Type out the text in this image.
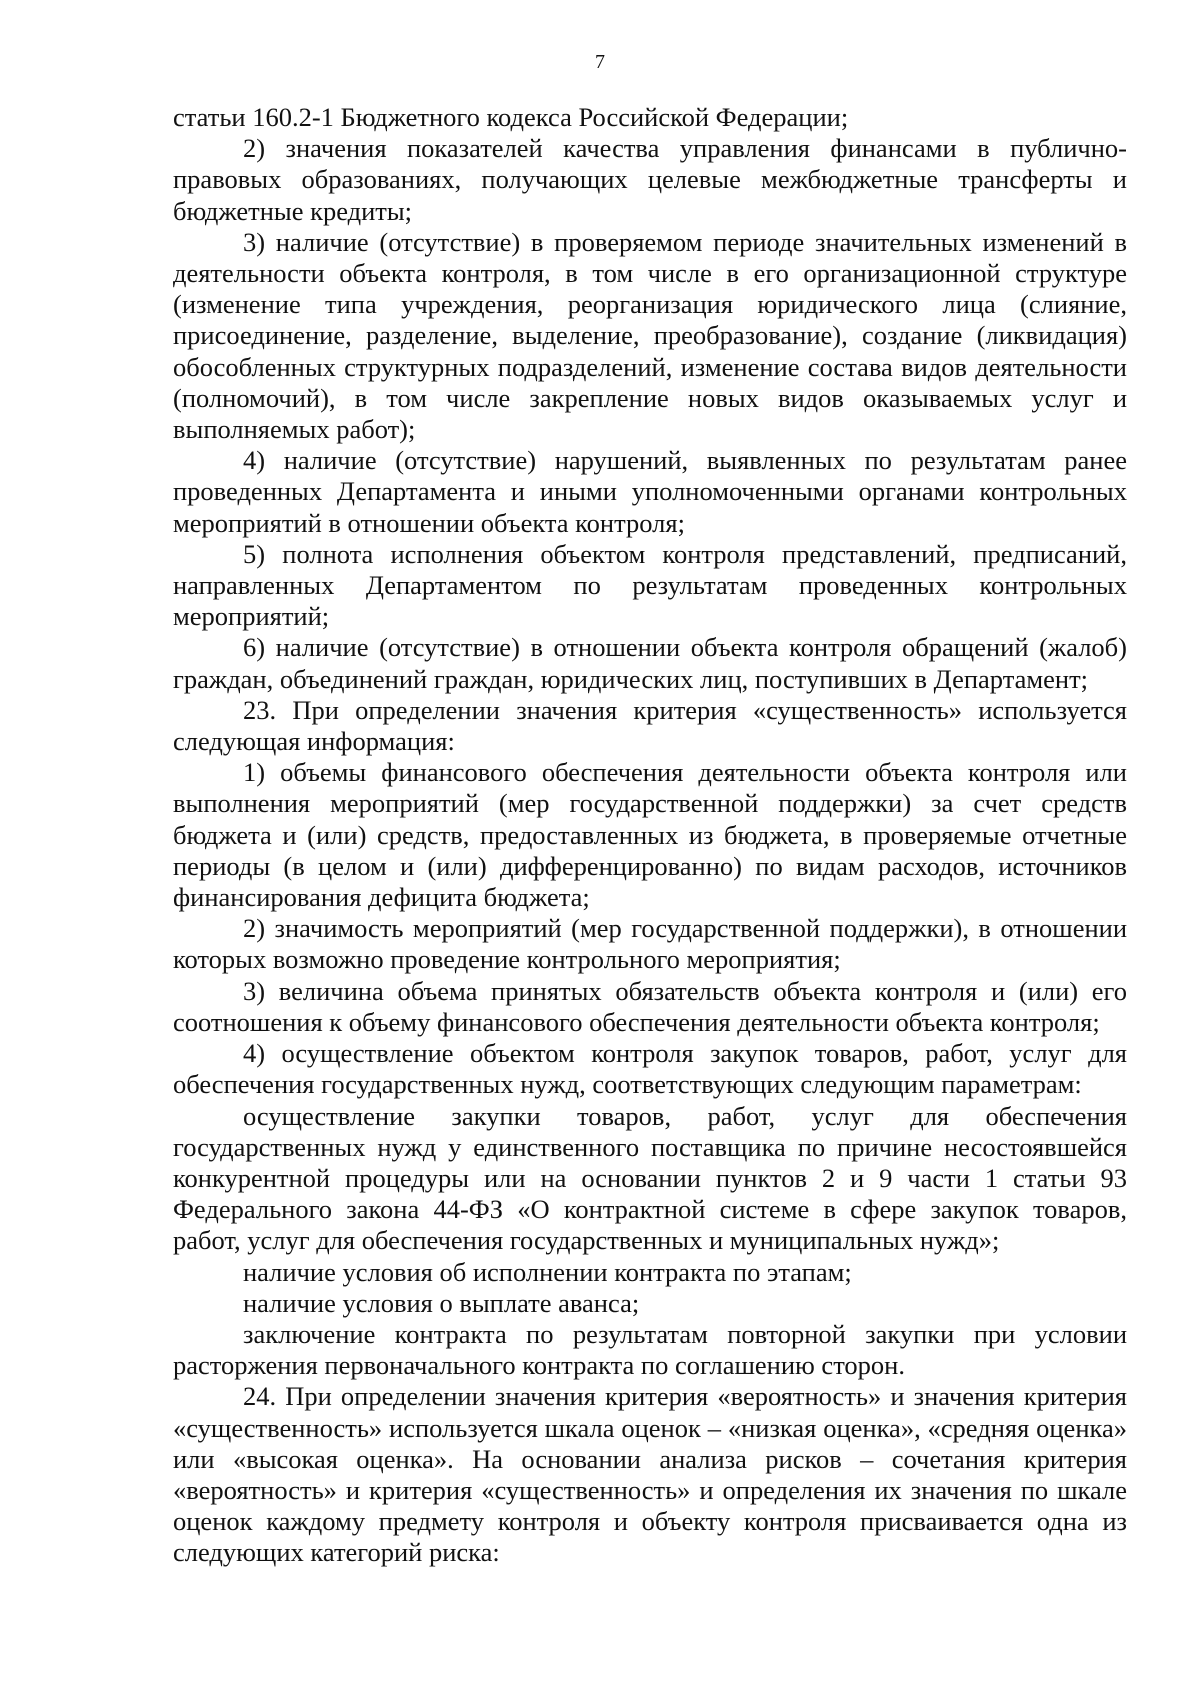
7

статьи 160.2-1 Бюджетного кодекса Российской Федерации;

2) значения показателей качества управления финансами в публично-правовых образованиях, получающих целевые межбюджетные трансферты и бюджетные кредиты;

3) наличие (отсутствие) в проверяемом периоде значительных изменений в деятельности объекта контроля, в том числе в его организационной структуре (изменение типа учреждения, реорганизация юридического лица (слияние, присоединение, разделение, выделение, преобразование), создание (ликвидация) обособленных структурных подразделений, изменение состава видов деятельности (полномочий), в том числе закрепление новых видов оказываемых услуг и выполняемых работ);

4) наличие (отсутствие) нарушений, выявленных по результатам ранее проведенных Департамента и иными уполномоченными органами контрольных мероприятий в отношении объекта контроля;

5) полнота исполнения объектом контроля представлений, предписаний, направленных Департаментом по результатам проведенных контрольных мероприятий;

6) наличие (отсутствие) в отношении объекта контроля обращений (жалоб) граждан, объединений граждан, юридических лиц, поступивших в Департамент;

23. При определении значения критерия «существенность» используется следующая информация:

1) объемы финансового обеспечения деятельности объекта контроля или выполнения мероприятий (мер государственной поддержки) за счет средств бюджета и (или) средств, предоставленных из бюджета, в проверяемые отчетные периоды (в целом и (или) дифференцированно) по видам расходов, источников финансирования дефицита бюджета;

2) значимость мероприятий (мер государственной поддержки), в отношении которых возможно проведение контрольного мероприятия;

3) величина объема принятых обязательств объекта контроля и (или) его соотношения к объему финансового обеспечения деятельности объекта контроля;

4) осуществление объектом контроля закупок товаров, работ, услуг для обеспечения государственных нужд, соответствующих следующим параметрам:

осуществление закупки товаров, работ, услуг для обеспечения государственных нужд у единственного поставщика по причине несостоявшейся конкурентной процедуры или на основании пунктов 2 и 9 части 1 статьи 93 Федерального закона 44-ФЗ «О контрактной системе в сфере закупок товаров, работ, услуг для обеспечения государственных и муниципальных нужд»;

наличие условия об исполнении контракта по этапам;

наличие условия о выплате аванса;

заключение контракта по результатам повторной закупки при условии расторжения первоначального контракта по соглашению сторон.

24. При определении значения критерия «вероятность» и значения критерия «существенность» используется шкала оценок – «низкая оценка», «средняя оценка» или «высокая оценка». На основании анализа рисков – сочетания критерия «вероятность» и критерия «существенность» и определения их значения по шкале оценок каждому предмету контроля и объекту контроля присваивается одна из следующих категорий риска:
